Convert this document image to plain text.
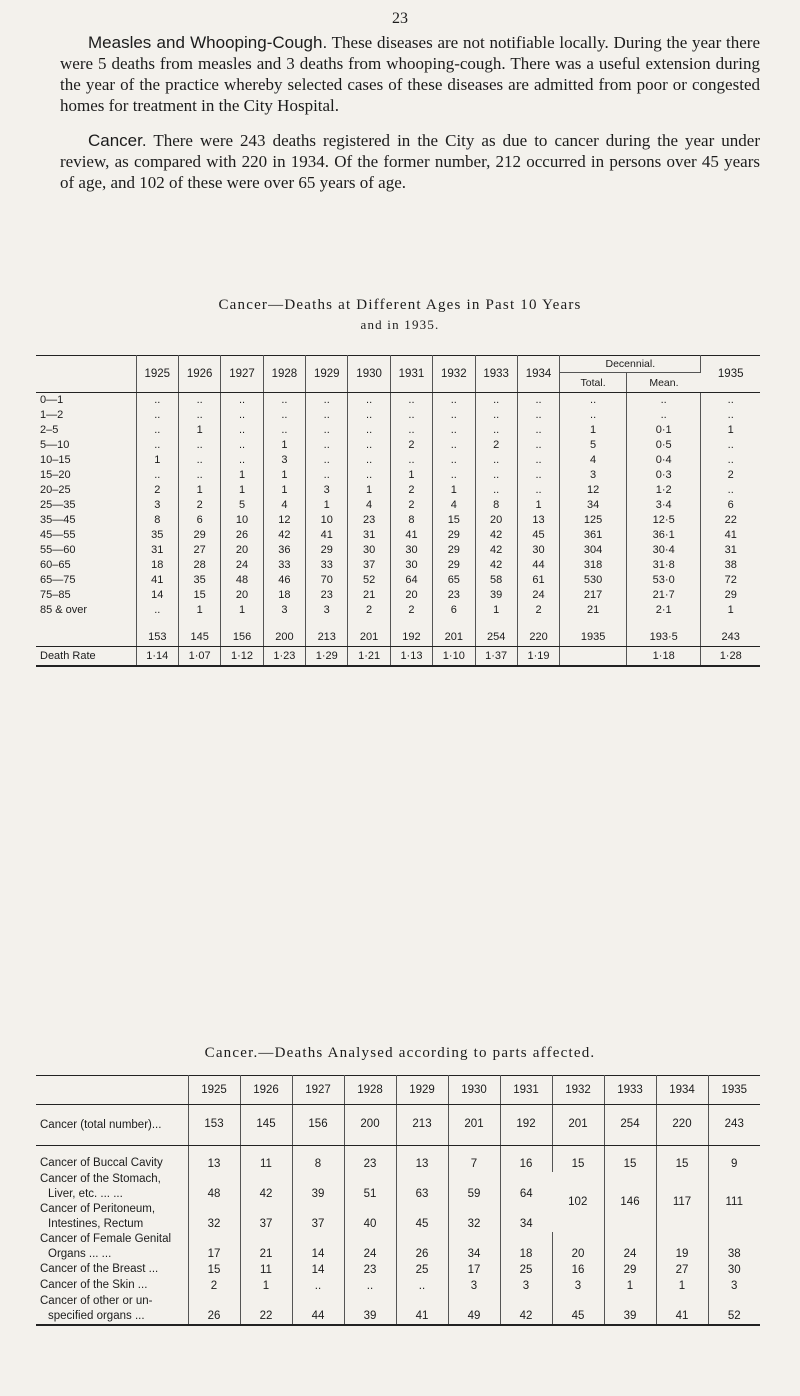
23
Measles and Whooping-Cough. These diseases are not notifiable locally. During the year there were 5 deaths from measles and 3 deaths from whooping-cough. There was a useful extension during the year of the practice whereby selected cases of these diseases are admitted from poor or congested homes for treatment in the City Hospital.
Cancer. There were 243 deaths registered in the City as due to cancer during the year under review, as compared with 220 in 1934. Of the former number, 212 occurred in persons over 45 years of age, and 102 of these were over 65 years of age.
Cancer—Deaths at Different Ages in Past 10 Years
and in 1935.
	1925	1926	1927	1928	1929	1930	1931	1932	1933	1934	Decennial.		1935
											Total.	Mean.	
0—1	..	..	..	..	..	..	..	..	..	..	..	..	..
1—2	..	..	..	..	..	..	..	..	..	..	..	..	..
2–5	..	1	..	..	..	..	..	..	..	..	1	0·1	1
5—10	..	..	..	1	..	..	2	..	2	..	5	0·5	..
10–15	1	..	..	3	..	..	..	..	..	..	4	0·4	..
15–20	..	..	1	1	..	..	1	..	..	..	3	0·3	2
20–25	2	1	1	1	3	1	2	1	..	..	12	1·2	..
25—35	3	2	5	4	1	4	2	4	8	1	34	3·4	6
35—45	8	6	10	12	10	23	8	15	20	13	125	12·5	22
45—55	35	29	26	42	41	31	41	29	42	45	361	36·1	41
55—60	31	27	20	36	29	30	30	29	42	30	304	30·4	31
60–65	18	28	24	33	33	37	30	29	42	44	318	31·8	38
65—75	41	35	48	46	70	52	64	65	58	61	530	53·0	72
75–85	14	15	20	18	23	21	20	23	39	24	217	21·7	29
85 & over	..	1	1	3	3	2	2	6	1	2	21	2·1	1

	153	145	156	200	213	201	192	201	254	220	1935	193·5	243
Death Rate	1·14	1·07	1·12	1·23	1·29	1·21	1·13	1·10	1·37	1·19		1·18	1·28
Cancer.—Deaths Analysed according to parts affected.
	1925	1926	1927	1928	1929	1930	1931	1932	1933	1934	1935
Cancer (total number)...	153	145	156	200	213	201	192	201	254	220	243

Cancer of Buccal Cavity	13	11	8	23	13	7	16	15	15	15	9

Cancer of the Stomach,
Liver, etc. ... ...	48	42	39	51	63	59	64	102	146	117	111

Cancer of Peritoneum,
Intestines, Rectum	32	37	37	40	45	32	34				

Cancer of Female Genital
Organs ... ...	17	21	14	24	26	34	18	20	24	19	38

Cancer of the Breast ...	15	11	14	23	25	17	25	16	29	27	30

Cancer of the Skin ...	2	1	..	..	..	3	3	3	1	1	3

Cancer of other or un-
specified organs ...	26	22	44	39	41	49	42	45	39	41	52
